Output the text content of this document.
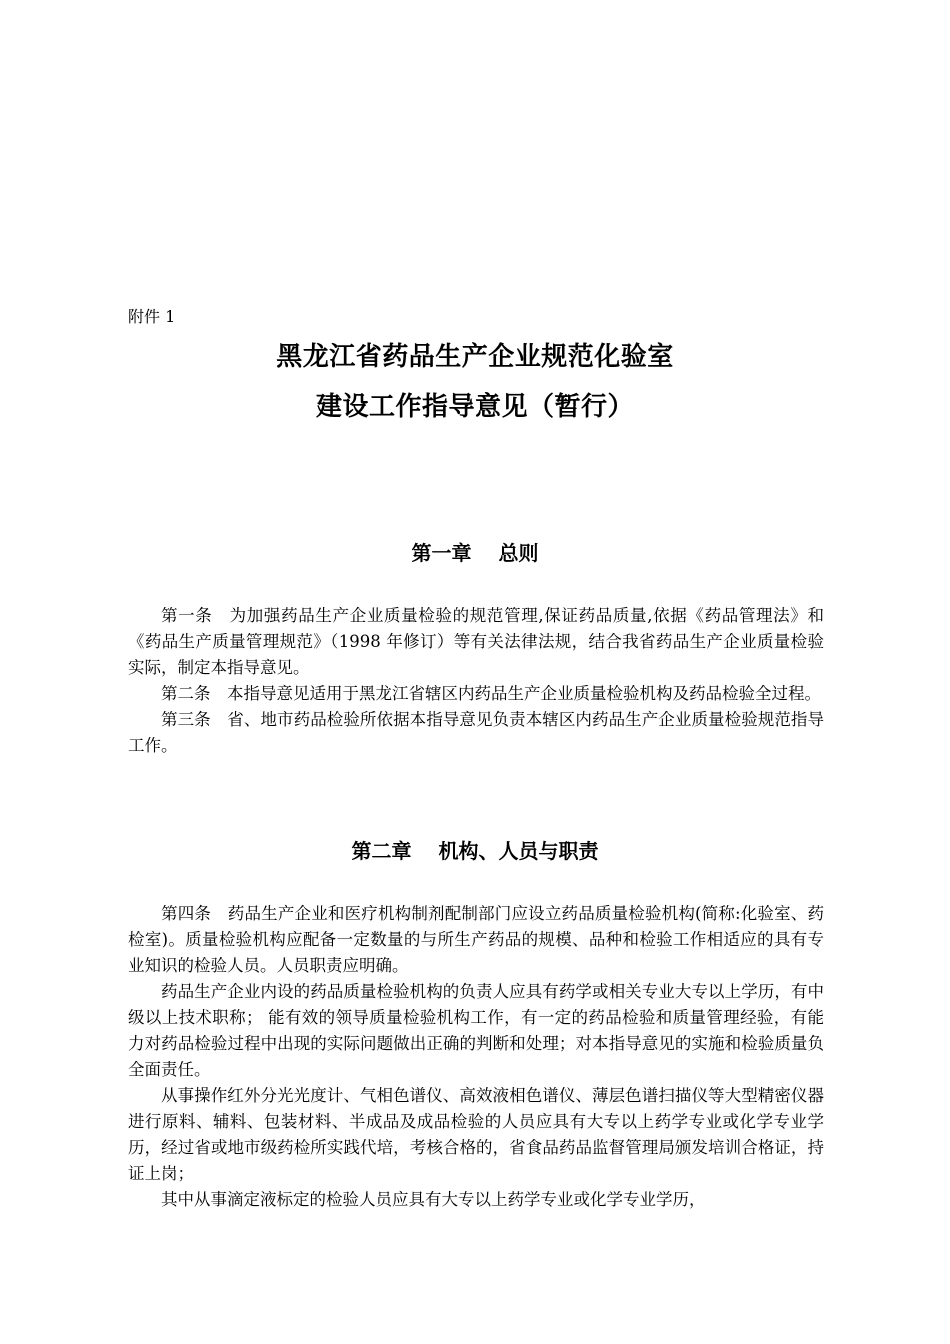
附件 1
黑龙江省药品生产企业规范化验室
建设工作指导意见（暂行）
第一章　 总则

第一条　为加强药品生产企业质量检验的规范管理,保证药品质量,依据《药品管理法》和《药品生产质量管理规范》（1998 年修订）等有关法律法规，结合我省药品生产企业质量检验实际，制定本指导意见。

第二条　本指导意见适用于黑龙江省辖区内药品生产企业质量检验机构及药品检验全过程。

第三条　省、地市药品检验所依据本指导意见负责本辖区内药品生产企业质量检验规范指导工作。

第二章　 机构、人员与职责

第四条　药品生产企业和医疗机构制剂配制部门应设立药品质量检验机构(简称:化验室、药检室)。质量检验机构应配备一定数量的与所生产药品的规模、品种和检验工作相适应的具有专业知识的检验人员。人员职责应明确。

药品生产企业内设的药品质量检验机构的负责人应具有药学或相关专业大专以上学历，有中级以上技术职称； 能有效的领导质量检验机构工作，有一定的药品检验和质量管理经验，有能力对药品检验过程中出现的实际问题做出正确的判断和处理；对本指导意见的实施和检验质量负全面责任。

从事操作红外分光光度计、气相色谱仪、高效液相色谱仪、薄层色谱扫描仪等大型精密仪器进行原料、辅料、包装材料、半成品及成品检验的人员应具有大专以上药学专业或化学专业学历，经过省或地市级药检所实践代培，考核合格的，省食品药品监督管理局颁发培训合格证，持证上岗；

其中从事滴定液标定的检验人员应具有大专以上药学专业或化学专业学历，
